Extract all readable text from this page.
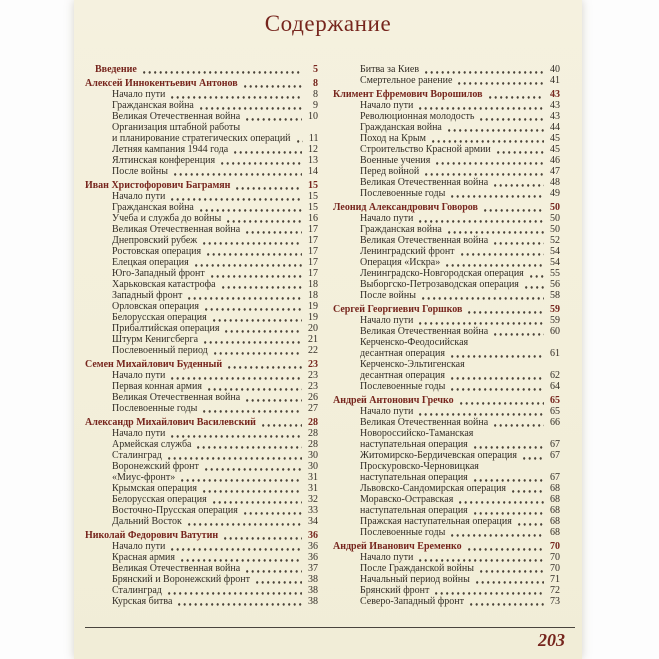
Содержание
Введение	5
Алексей Иннокентьевич Антонов	8
Начало пути	8
Гражданская война	9
Великая Отечественная война	10
Организация штабной работы
и планирование стратегических операций	11
Летняя кампания 1944 года	12
Ялтинская конференция	13
После войны	14
Иван Христофорович Баграмян	15
Начало пути	15
Гражданская война	15
Учеба и служба до войны	16
Великая Отечественная война	17
Днепровский рубеж	17
Ростовская операция	17
Елецкая операция	17
Юго-Западный фронт	17
Харьковская катастрофа	18
Западный фронт	18
Орловская операция	19
Белорусская операция	19
Прибалтийская операция	20
Штурм Кенигсберга	21
Послевоенный период	22
Семен Михайлович Буденный	23
Начало пути	23
Первая конная армия	23
Великая Отечественная война	26
Послевоенные годы	27
Александр Михайлович Василевский	28
Начало пути	28
Армейская служба	28
Сталинград	30
Воронежский фронт	30
«Миус-фронт»	31
Крымская операция	31
Белорусская операция	32
Восточно-Прусская операция	33
Дальний Восток	34
Николай Федорович Ватутин	36
Начало пути	36
Красная армия	36
Великая Отечественная война	37
Брянский и Воронежский фронт	38
Сталинград	38
Курская битва	38
Битва за Киев	40
Смертельное ранение	41
Климент Ефремович Ворошилов	43
Начало пути	43
Революционная молодость	43
Гражданская война	44
Поход на Крым	45
Строительство Красной армии	45
Военные учения	46
Перед войной	47
Великая Отечественная война	48
Послевоенные годы	49
Леонид Александрович Говоров	50
Начало пути	50
Гражданская война	50
Великая Отечественная война	52
Ленинградский фронт	54
Операция «Искра»	54
Ленинградско-Новгородская операция	55
Выборгско-Петрозаводская операция	56
После войны	58
Сергей Георгиевич Горшков	59
Начало пути	59
Великая Отечественная война	60
Керченско-Феодосийская
десантная операция	61
Керченско-Эльтигенская
десантная операция	62
Послевоенные годы	64
Андрей Антонович Гречко	65
Начало пути	65
Великая Отечественная война	66
Новороссийско-Таманская
наступательная операция	67
Житомирско-Бердичевская операция	67
Проскуровско-Черновицкая
наступательная операция	67
Львовско-Сандомирская операция	68
Моравско-Остравская	68
наступательная операция	68
Пражская наступательная операция	68
Послевоенные годы	68
Андрей Иванович Еременко	70
Начало пути	70
После Гражданской войны	70
Начальный период войны	71
Брянский фронт	72
Северо-Западный фронт	73
203
